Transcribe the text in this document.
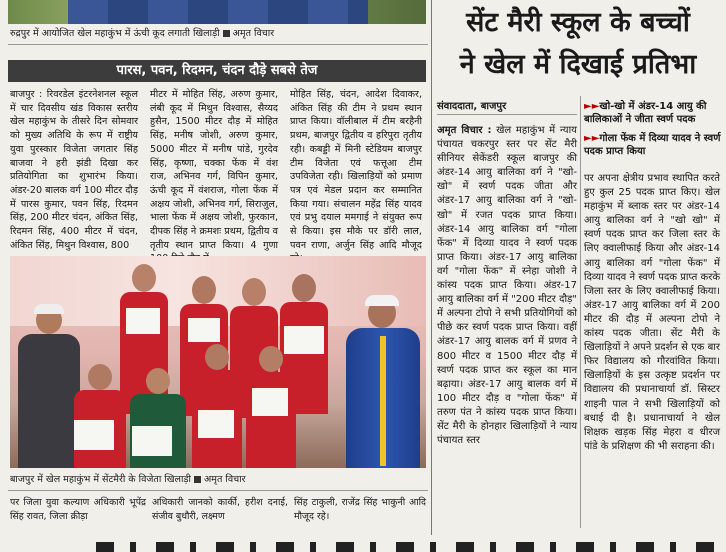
रुद्रपुर में आयोजित खेल महाकुंभ में ऊंची कूद लगाती खिलाड़ी अमृत विचार
पारस, पवन, रिदमन, चंदन दौड़े सबसे तेज

बाजपुर : रिवरडेल इंटरनेशनल स्कूल में चार दिवसीय खंड विकास स्तरीय खेल महाकुंभ के तीसरे दिन सोमवार को मुख्य अतिथि के रूप में राष्ट्रीय युवा पुरस्कार विजेता जगतार सिंह बाजवा ने हरी झंडी दिखा कर प्रतियोगिता का शुभारंभ किया। अंडर-20 बालक वर्ग 100 मीटर दौड़ में पारस कुमार, पवन सिंह, रिदमन सिंह, 200 मीटर चंदन, अंकित सिंह, रिदमन सिंह, 400 मीटर में चंदन, अंकित सिंह, मिथुन विश्वास, 800

मीटर में मोहित सिंह, अरुण कुमार, लंबी कूद में मिथुन विश्वास, सैय्यद हुसैन, 1500 मीटर दौड़ में मोहित सिंह, मनीष जोशी, अरुण कुमार, 5000 मीटर में मनीष पांडे, गुरदेव सिंह, कृष्णा, चक्का फेंक में वंश राज, अभिनव गर्ग, विपिन कुमार, ऊंची कूद में वंशराज, गोला फेंक में अक्षय जोशी, अभिनव गर्ग, सिराजुल, भाला फेंक में अक्षय जोशी, फुरकान, दीपक सिंह ने क्रमशः प्रथम, द्वितीय व तृतीय स्थान प्राप्त किया। 4 गुणा

मोहित सिंह, चंदन, आदेश दिवाकर, अंकित सिंह की टीम ने प्रथम स्थान प्राप्त किया। वॉलीबाल में टीम बरहैनी प्रथम, बाजपुर द्वितीय व हरिपुरा तृतीय रही। कबड्डी में मिनी स्टेडियम बाजपुर टीम विजेता एवं फत्तूआ टीम उपविजेता रही। खिलाड़ियों को प्रमाण पत्र एवं मेडल प्रदान कर सम्मानित किया गया। संचालन महेंद्र सिंह यादव एवं प्रभु दयाल ममगाई ने संयुक्त रूप से किया। इस मौके पर डॉरी लाल, पवन राणा, अर्जुन सिंह आदि मौजूद

बाजपुर में खेल महाकुंभ में सेंटमैरी के विजेता खिलाड़ी अमृत विचार

पर जिला युवा कल्याण अधिकारी भूपेंद्र सिंह रावत, जिला क्रीड़ा

अधिकारी जानको कार्की, हरीश दनाई, संजीव बुधौरी, लक्ष्मण

सिंह टाकुली, राजेंद्र सिंह भाकुनी आदि मौजूद रहे।

सेंट मैरी स्कूल के बच्चों
ने खेल में दिखाई प्रतिभा
संवाददाता, बाजपुर	►►खो-खो में अंडर-14 आयु की बालिकाओं ने जीता स्वर्ण पदक
►►गोला फेंक में दिव्या यादव ने स्वर्ण पदक प्राप्त किया

अमृत विचार : खेल महाकुंभ में न्याय पंचायत चकरपुर स्तर पर सेंट मैरी सीनियर सेकेंडरी स्कूल बाजपुर की अंडर-14 आयु बालिका वर्ग ने "खो-खो" में स्वर्ण पदक जीता और अंडर-17 आयु बालिका वर्ग ने "खो-खो" में रजत पदक प्राप्त किया। अंडर-14 आयु बालिका वर्ग "गोला फेंक" में दिव्या यादव ने स्वर्ण पदक प्राप्त किया। अंडर-17 आयु बालिका वर्ग "गोला फेंक" में स्नेहा जोशी ने कांस्य पदक प्राप्त किया। अंडर-17 आयु बालिका वर्ग में "200 मीटर दौड़" में अल्पना टोपो ने सभी प्रतियोगियों को पीछे कर स्वर्ण पदक प्राप्त किया। वहीं अंडर-17 आयु बालक वर्ग में प्रणव ने 800 मीटर व 1500 मीटर दौड़ में स्वर्ण पदक प्राप्त कर स्कूल का मान बढ़ाया। अंडर-17 आयु बालक वर्ग में 100 मीटर दौड़ व "गोला फेंक" में तरुण पंत ने कांस्य पदक प्राप्त किया। सेंट मैरी के होनहार खिलाड़ियों ने न्याय पंचायत स्तर

पर अपना क्षेत्रीय प्रभाव स्थापित करते हुए कुल 25 पदक प्राप्त किए। खेल महाकुंभ में ब्लाक स्तर पर अंडर-14 आयु बालिका वर्ग ने "खो खो" में स्वर्ण पदक प्राप्त कर जिला स्तर के लिए क्वालीफाई किया और अंडर-14 आयु बालिका वर्ग "गोला फेंक" में दिव्या यादव ने स्वर्ण पदक प्राप्त करके जिला स्तर के लिए क्वालीफाई किया। अंडर-17 आयु बालिका वर्ग में 200 मीटर की दौड़ में अल्पना टोपो ने कांस्य पदक जीता। सेंट मैरी के खिलाड़ियों ने अपने प्रदर्शन से एक बार फिर विद्यालय को गौरवांवित किया। खिलाड़ियों के इस उत्कृष्ट प्रदर्शन पर विद्यालय की प्रधानाचार्या डॉ. सिस्टर शाइनी पाल ने सभी खिलाड़ियों को बधाई दी है। प्रधानाचार्या ने खेल शिक्षक खड़क सिंह मेहरा व धीरज पांडे के प्रशिक्षण की भी सराहना की।
